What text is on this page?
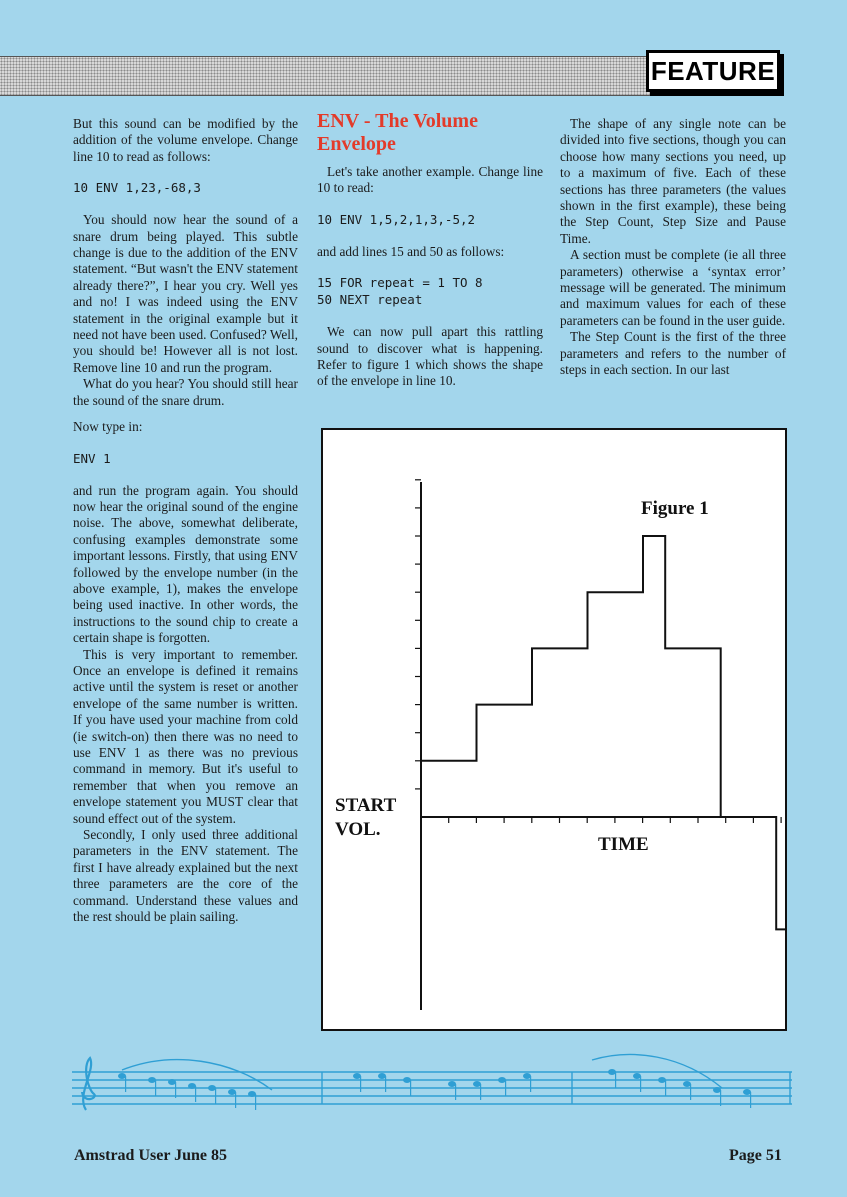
FEATURE

But this sound can be modified by the addition of the volume envelope. Change line 10 to read as follows:

10 ENV 1,23,-68,3

You should now hear the sound of a snare drum being played. This subtle change is due to the addition of the ENV statement. “But wasn't the ENV statement already there?”, I hear you cry. Well yes and no! I was indeed using the ENV statement in the original example but it need not have been used. Confused? Well, you should be! However all is not lost. Remove line 10 and run the program.

What do you hear? You should still hear the sound of the snare drum.

Now type in:

ENV 1

and run the program again. You should now hear the original sound of the engine noise. The above, somewhat deliberate, confusing examples demonstrate some important lessons. Firstly, that using ENV followed by the envelope number (in the above example, 1), makes the envelope being used inactive. In other words, the instructions to the sound chip to create a certain shape is forgotten.

This is very important to remember. Once an envelope is defined it remains active until the system is reset or another envelope of the same number is written. If you have used your machine from cold (ie switch-on) then there was no need to use ENV 1 as there was no previous command in memory. But it's useful to remember that when you remove an envelope statement you MUST clear that sound effect out of the system.

Secondly, I only used three additional parameters in the ENV statement. The first I have already explained but the next three parameters are the core of the command. Understand these values and the rest should be plain sailing.

ENV - The Volume Envelope

Let's take another example. Change line 10 to read:

10 ENV 1,5,2,1,3,-5,2

and add lines 15 and 50 as follows:

15 FOR repeat = 1 TO 8
50 NEXT repeat

We can now pull apart this rattling sound to discover what is happening. Refer to figure 1 which shows the shape of the envelope in line 10.

The shape of any single note can be divided into five sections, though you can choose how many sections you need, up to a maximum of five. Each of these sections has three parameters (the values shown in the first example), these being the Step Count, Step Size and Pause Time.

A section must be complete (ie all three parameters) otherwise a ‘syntax error’ message will be generated. The minimum and maximum values for each of these parameters can be found in the user guide.

The Step Count is the first of the three parameters and refers to the number of steps in each section. In our last

Figure 1
START
VOL.
TIME
Amstrad User June 85	Page 51
